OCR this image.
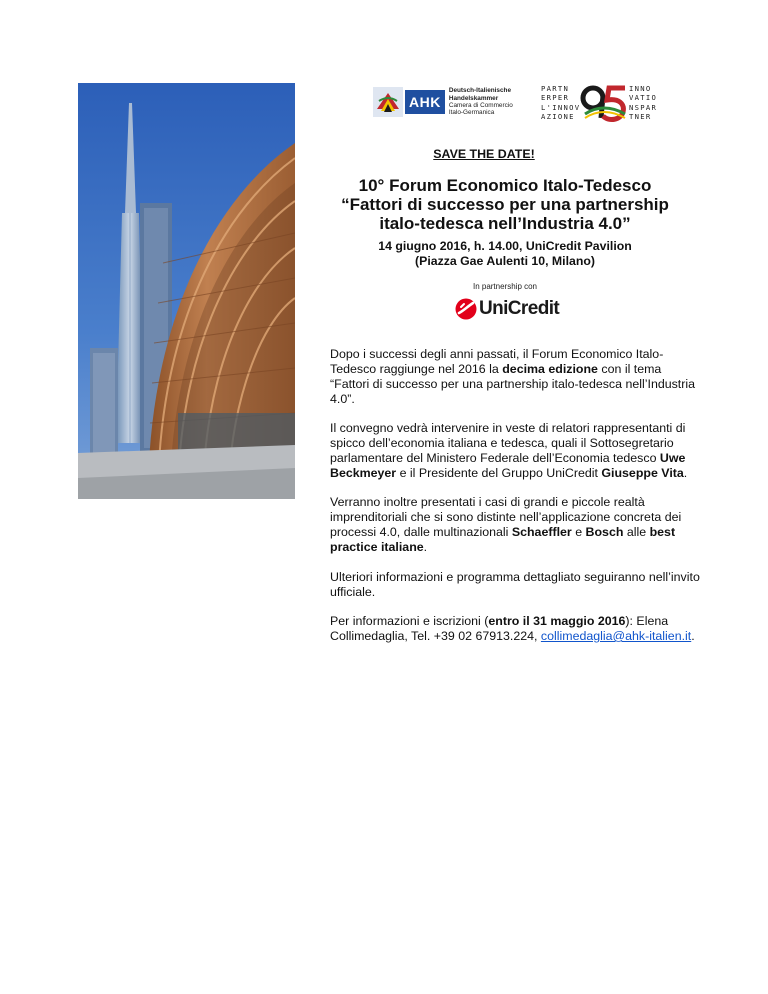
AHK
Deutsch-Italienische
Handelskammer
Camera di Commercio
Italo-Germanica
PARTN
ERPER
L'INNOV
AZIONE
INNO
VATIO
NSPAR
TNER
SAVE THE DATE!
10° Forum Economico Italo-Tedesco
“Fattori di successo per una partnership italo-tedesca nell’Industria 4.0”
14 giugno 2016, h. 14.00, UniCredit Pavilion
(Piazza Gae Aulenti 10, Milano)
In partnership con
UniCredit

Dopo i successi degli anni passati, il Forum Economico Italo-Tedesco raggiunge nel 2016 la decima edizione con il tema “Fattori di successo per una partnership italo-tedesca nell’Industria 4.0”.

Il convegno vedrà intervenire in veste di relatori rappresentanti di spicco dell’economia italiana e tedesca, quali il Sottosegretario parlamentare del Ministero Federale dell’Economia tedesco Uwe Beckmeyer e il Presidente del Gruppo UniCredit Giuseppe Vita.

Verranno inoltre presentati i casi di grandi e piccole realtà imprenditoriali che si sono distinte nell’applicazione concreta dei processi 4.0, dalle multinazionali Schaeffler e Bosch alle best practice italiane.

Ulteriori informazioni e programma dettagliato seguiranno nell’invito ufficiale.

Per informazioni e iscrizioni (entro il 31 maggio 2016): Elena Collimedaglia, Tel. +39 02 67913.224, collimedaglia@ahk-italien.it.
